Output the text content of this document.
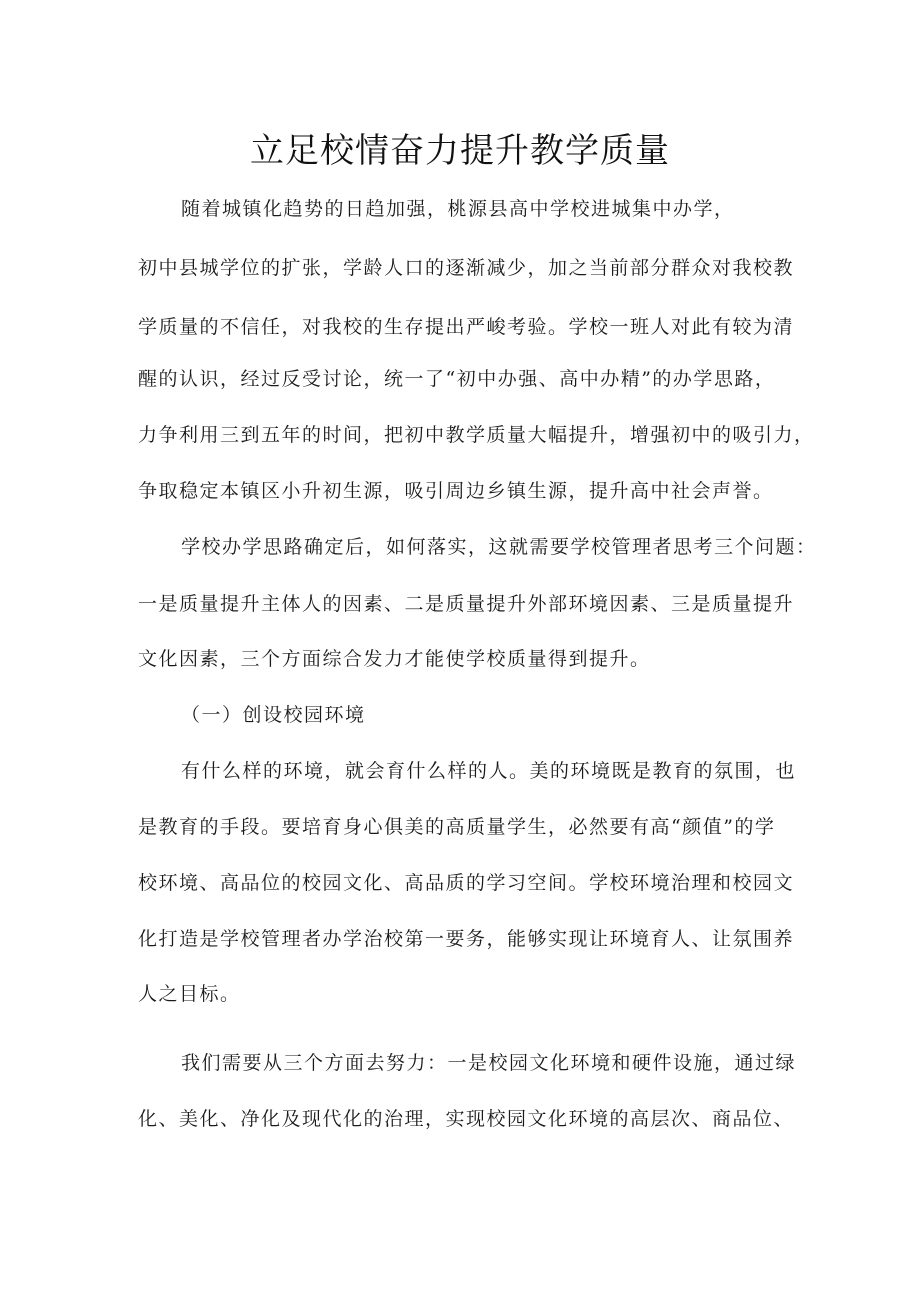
立足校情奋力提升教学质量

随着城镇化趋势的日趋加强，桃源县高中学校进城集中办学，

初中县城学位的扩张，学龄人口的逐渐减少，加之当前部分群众对我校教

学质量的不信任，对我校的生存提出严峻考验。学校一班人对此有较为清

醒的认识，经过反受讨论，统一了“初中办强、高中办精”的办学思路，

力争利用三到五年的时间，把初中教学质量大幅提升，增强初中的吸引力，

争取稳定本镇区小升初生源，吸引周边乡镇生源，提升高中社会声誉。

学校办学思路确定后，如何落实，这就需要学校管理者思考三个问题：

一是质量提升主体人的因素、二是质量提升外部环境因素、三是质量提升

文化因素，三个方面综合发力才能使学校质量得到提升。

（一）创设校园环境

有什么样的环境，就会育什么样的人。美的环境既是教育的氛围，也

是教育的手段。要培育身心俱美的高质量学生，必然要有高“颜值”的学

校环境、高品位的校园文化、高品质的学习空间。学校环境治理和校园文

化打造是学校管理者办学治校第一要务，能够实现让环境育人、让氛围养

人之目标。

我们需要从三个方面去努力：一是校园文化环境和硬件设施，通过绿

化、美化、净化及现代化的治理，实现校园文化环境的高层次、商品位、
